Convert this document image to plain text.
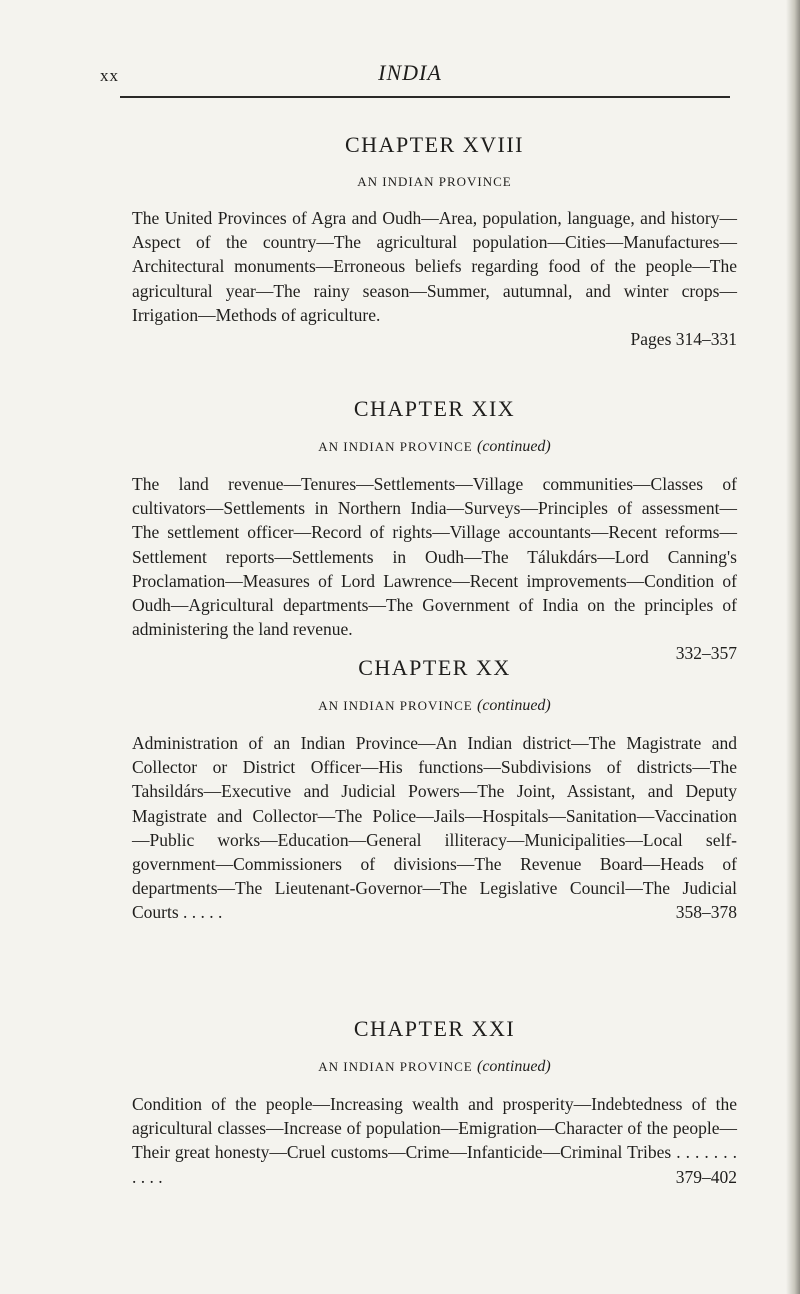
xx	INDIA
CHAPTER XVIII
AN INDIAN PROVINCE
The United Provinces of Agra and Oudh—Area, population, language, and history—Aspect of the country—The agricultural population—Cities—Manufactures—Architectural monuments—Erroneous beliefs regarding food of the people—The agricultural year—The rainy season—Summer, autumnal, and winter crops—Irrigation—Methods of agriculture.
Pages 314–331
CHAPTER XIX
AN INDIAN PROVINCE (continued)
The land revenue—Tenures—Settlements—Village communities—Classes of cultivators—Settlements in Northern India—Surveys—Principles of assessment—The settlement officer—Record of rights—Village accountants—Recent reforms—Settlement reports—Settlements in Oudh—The Tálukdárs—Lord Canning's Proclamation—Measures of Lord Lawrence—Recent improvements—Condition of Oudh—Agricultural departments—The Government of India on the principles of administering the land revenue.
332–357
CHAPTER XX
AN INDIAN PROVINCE (continued)
Administration of an Indian Province—An Indian district—The Magistrate and Collector or District Officer—His functions—Subdivisions of districts—The Tahsildárs—Executive and Judicial Powers—The Joint, Assistant, and Deputy Magistrate and Collector—The Police—Jails—Hospitals—Sanitation—Vaccination—Public works—Education—General illiteracy—Municipalities—Local self-government—Commissioners of divisions—The Revenue Board—Heads of departments—The Lieutenant-Governor—The Legislative Council—The Judicial Courts . . . . .	358–378
CHAPTER XXI
AN INDIAN PROVINCE (continued)
Condition of the people—Increasing wealth and prosperity—Indebtedness of the agricultural classes—Increase of population—Emigration—Character of the people—Their great honesty—Cruel customs—Crime—Infanticide—Criminal Tribes . . . . . . . . . . .	379–402
